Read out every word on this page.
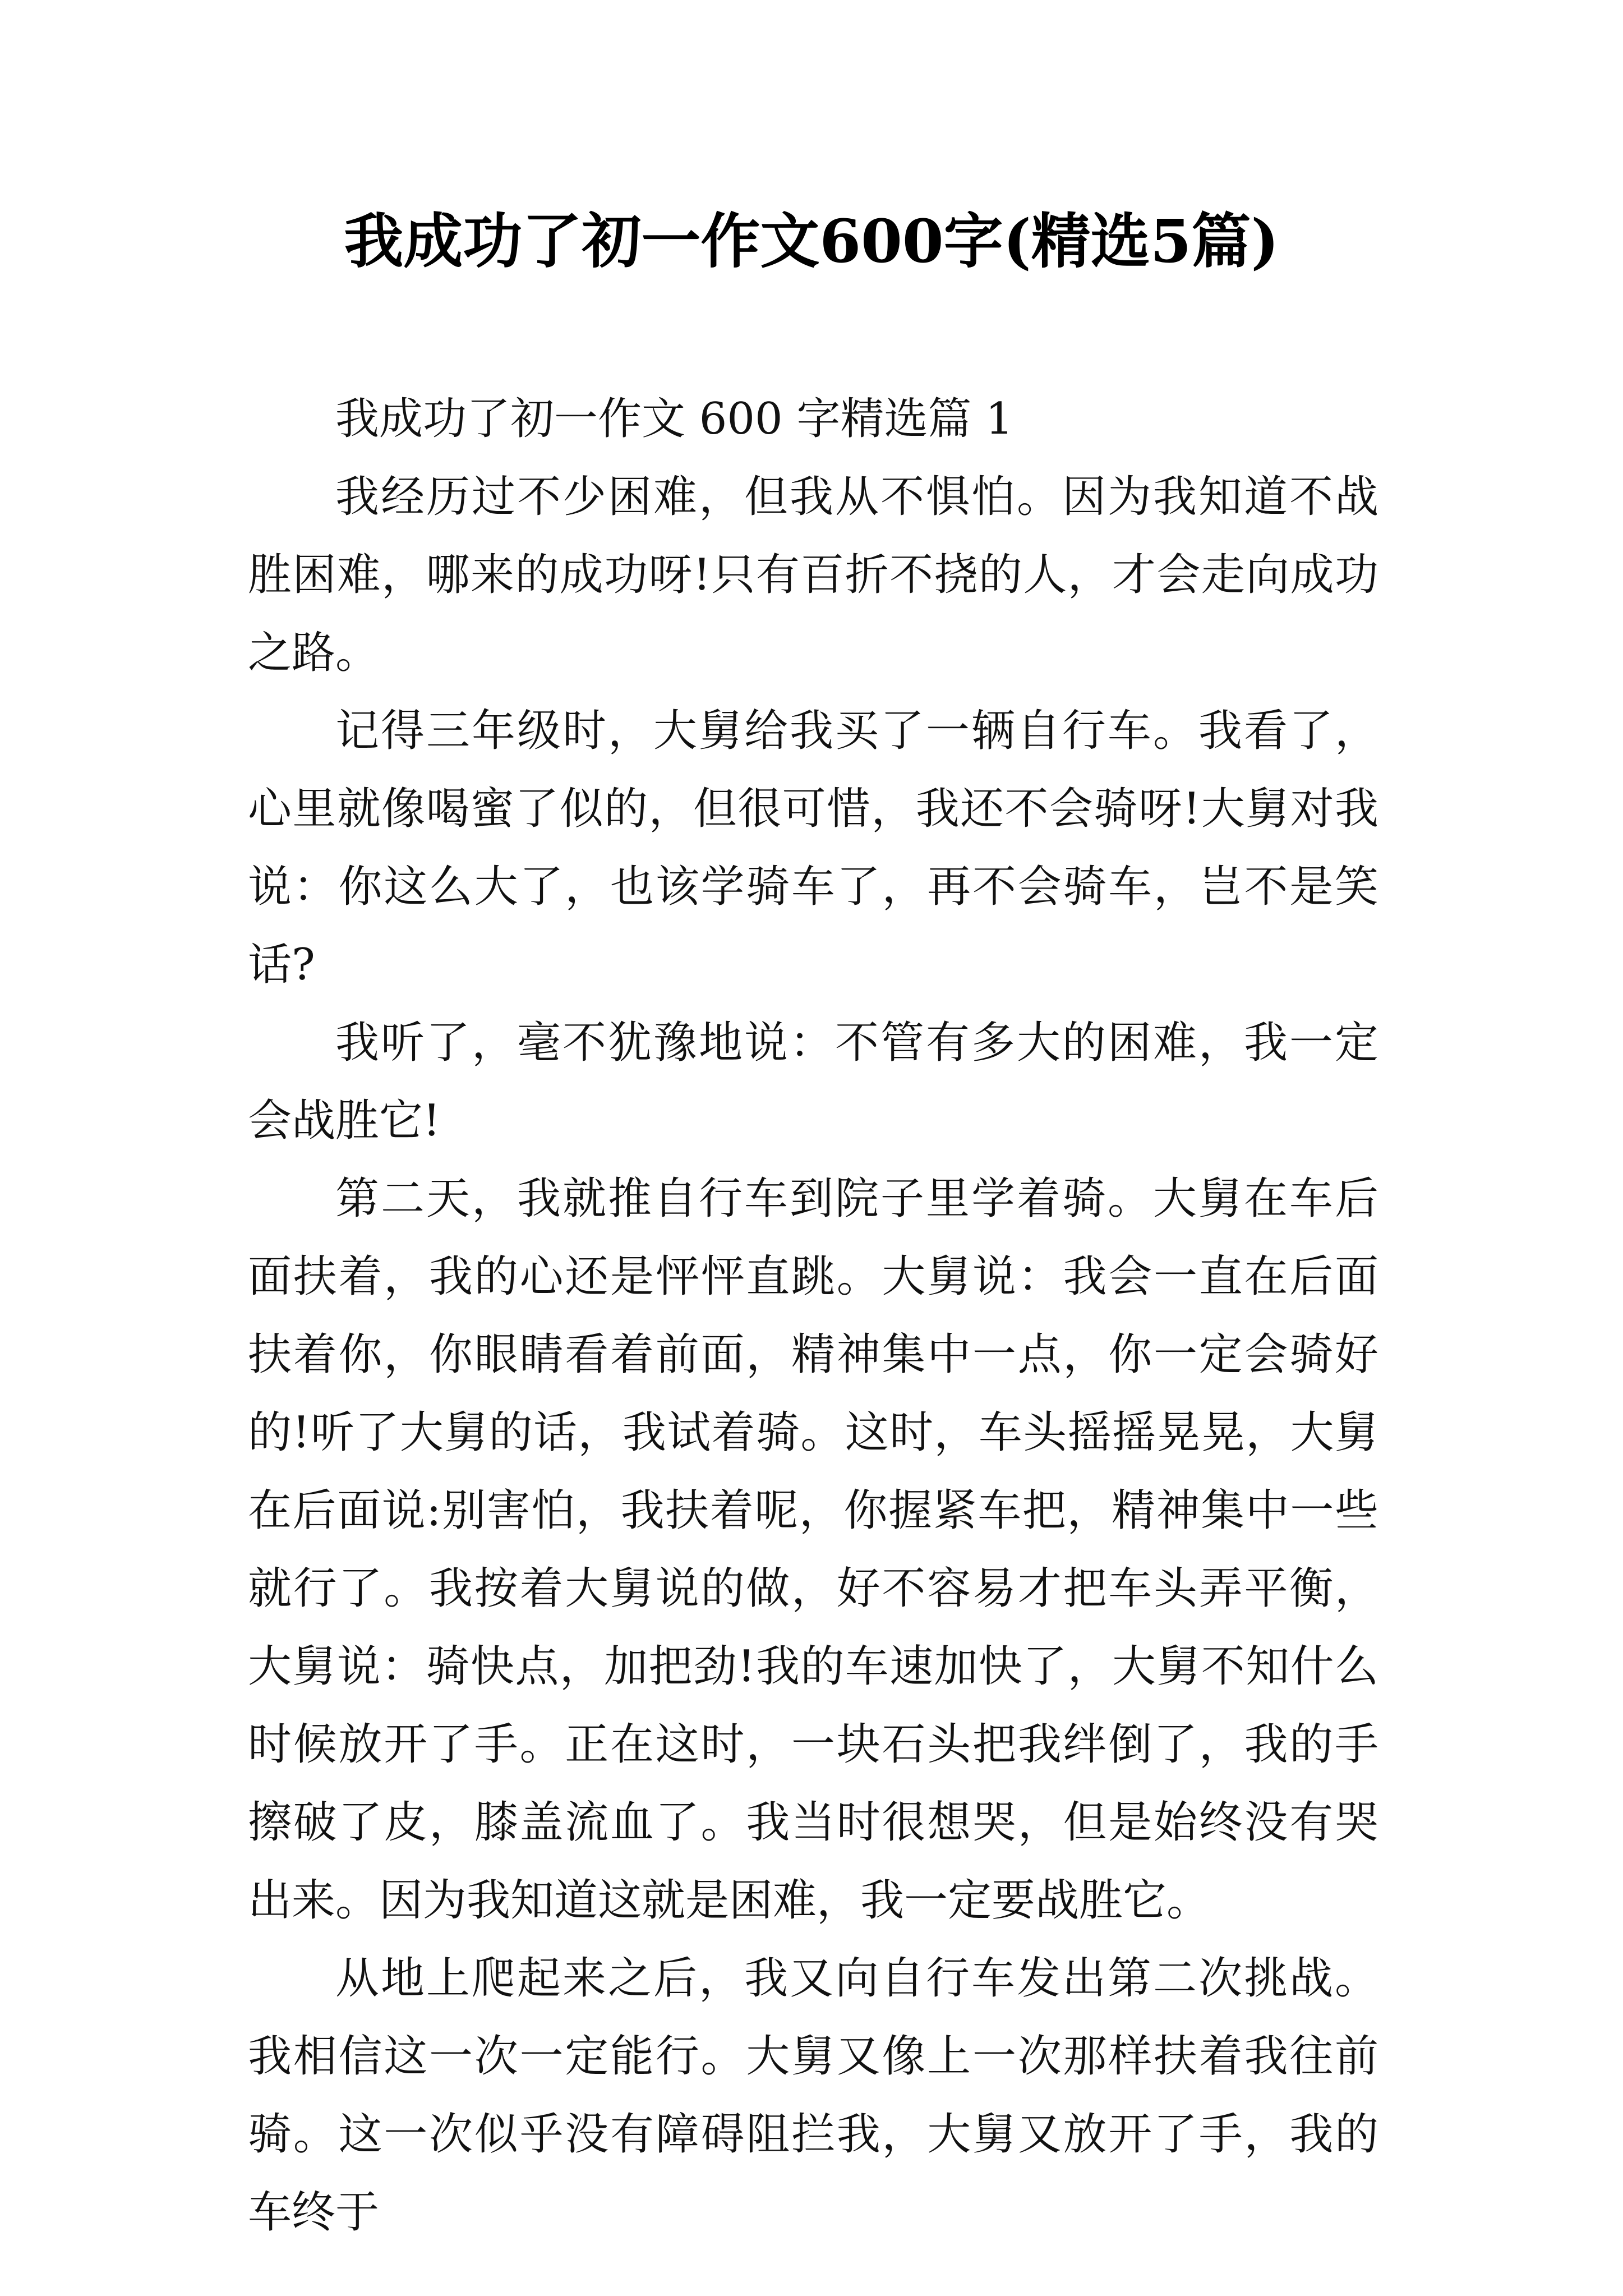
我成功了初一作文600字(精选5篇)

我成功了初一作文 600 字精选篇 1

我经历过不少困难，但我从不惧怕。因为我知道不战胜困难，哪来的成功呀!只有百折不挠的人，才会走向成功之路。

记得三年级时，大舅给我买了一辆自行车。我看了，心里就像喝蜜了似的，但很可惜，我还不会骑呀!大舅对我说：你这么大了，也该学骑车了，再不会骑车，岂不是笑话?

我听了，毫不犹豫地说：不管有多大的困难，我一定会战胜它!

第二天，我就推自行车到院子里学着骑。大舅在车后面扶着，我的心还是怦怦直跳。大舅说：我会一直在后面扶着你，你眼睛看着前面，精神集中一点，你一定会骑好的!听了大舅的话，我试着骑。这时，车头摇摇晃晃，大舅在后面说:别害怕，我扶着呢，你握紧车把，精神集中一些就行了。我按着大舅说的做，好不容易才把车头弄平衡，大舅说：骑快点，加把劲!我的车速加快了，大舅不知什么时候放开了手。正在这时，一块石头把我绊倒了，我的手擦破了皮，膝盖流血了。我当时很想哭，但是始终没有哭出来。因为我知道这就是困难，我一定要战胜它。

从地上爬起来之后，我又向自行车发出第二次挑战。我相信这一次一定能行。大舅又像上一次那样扶着我往前骑。这一次似乎没有障碍阻拦我，大舅又放开了手，我的车终于
